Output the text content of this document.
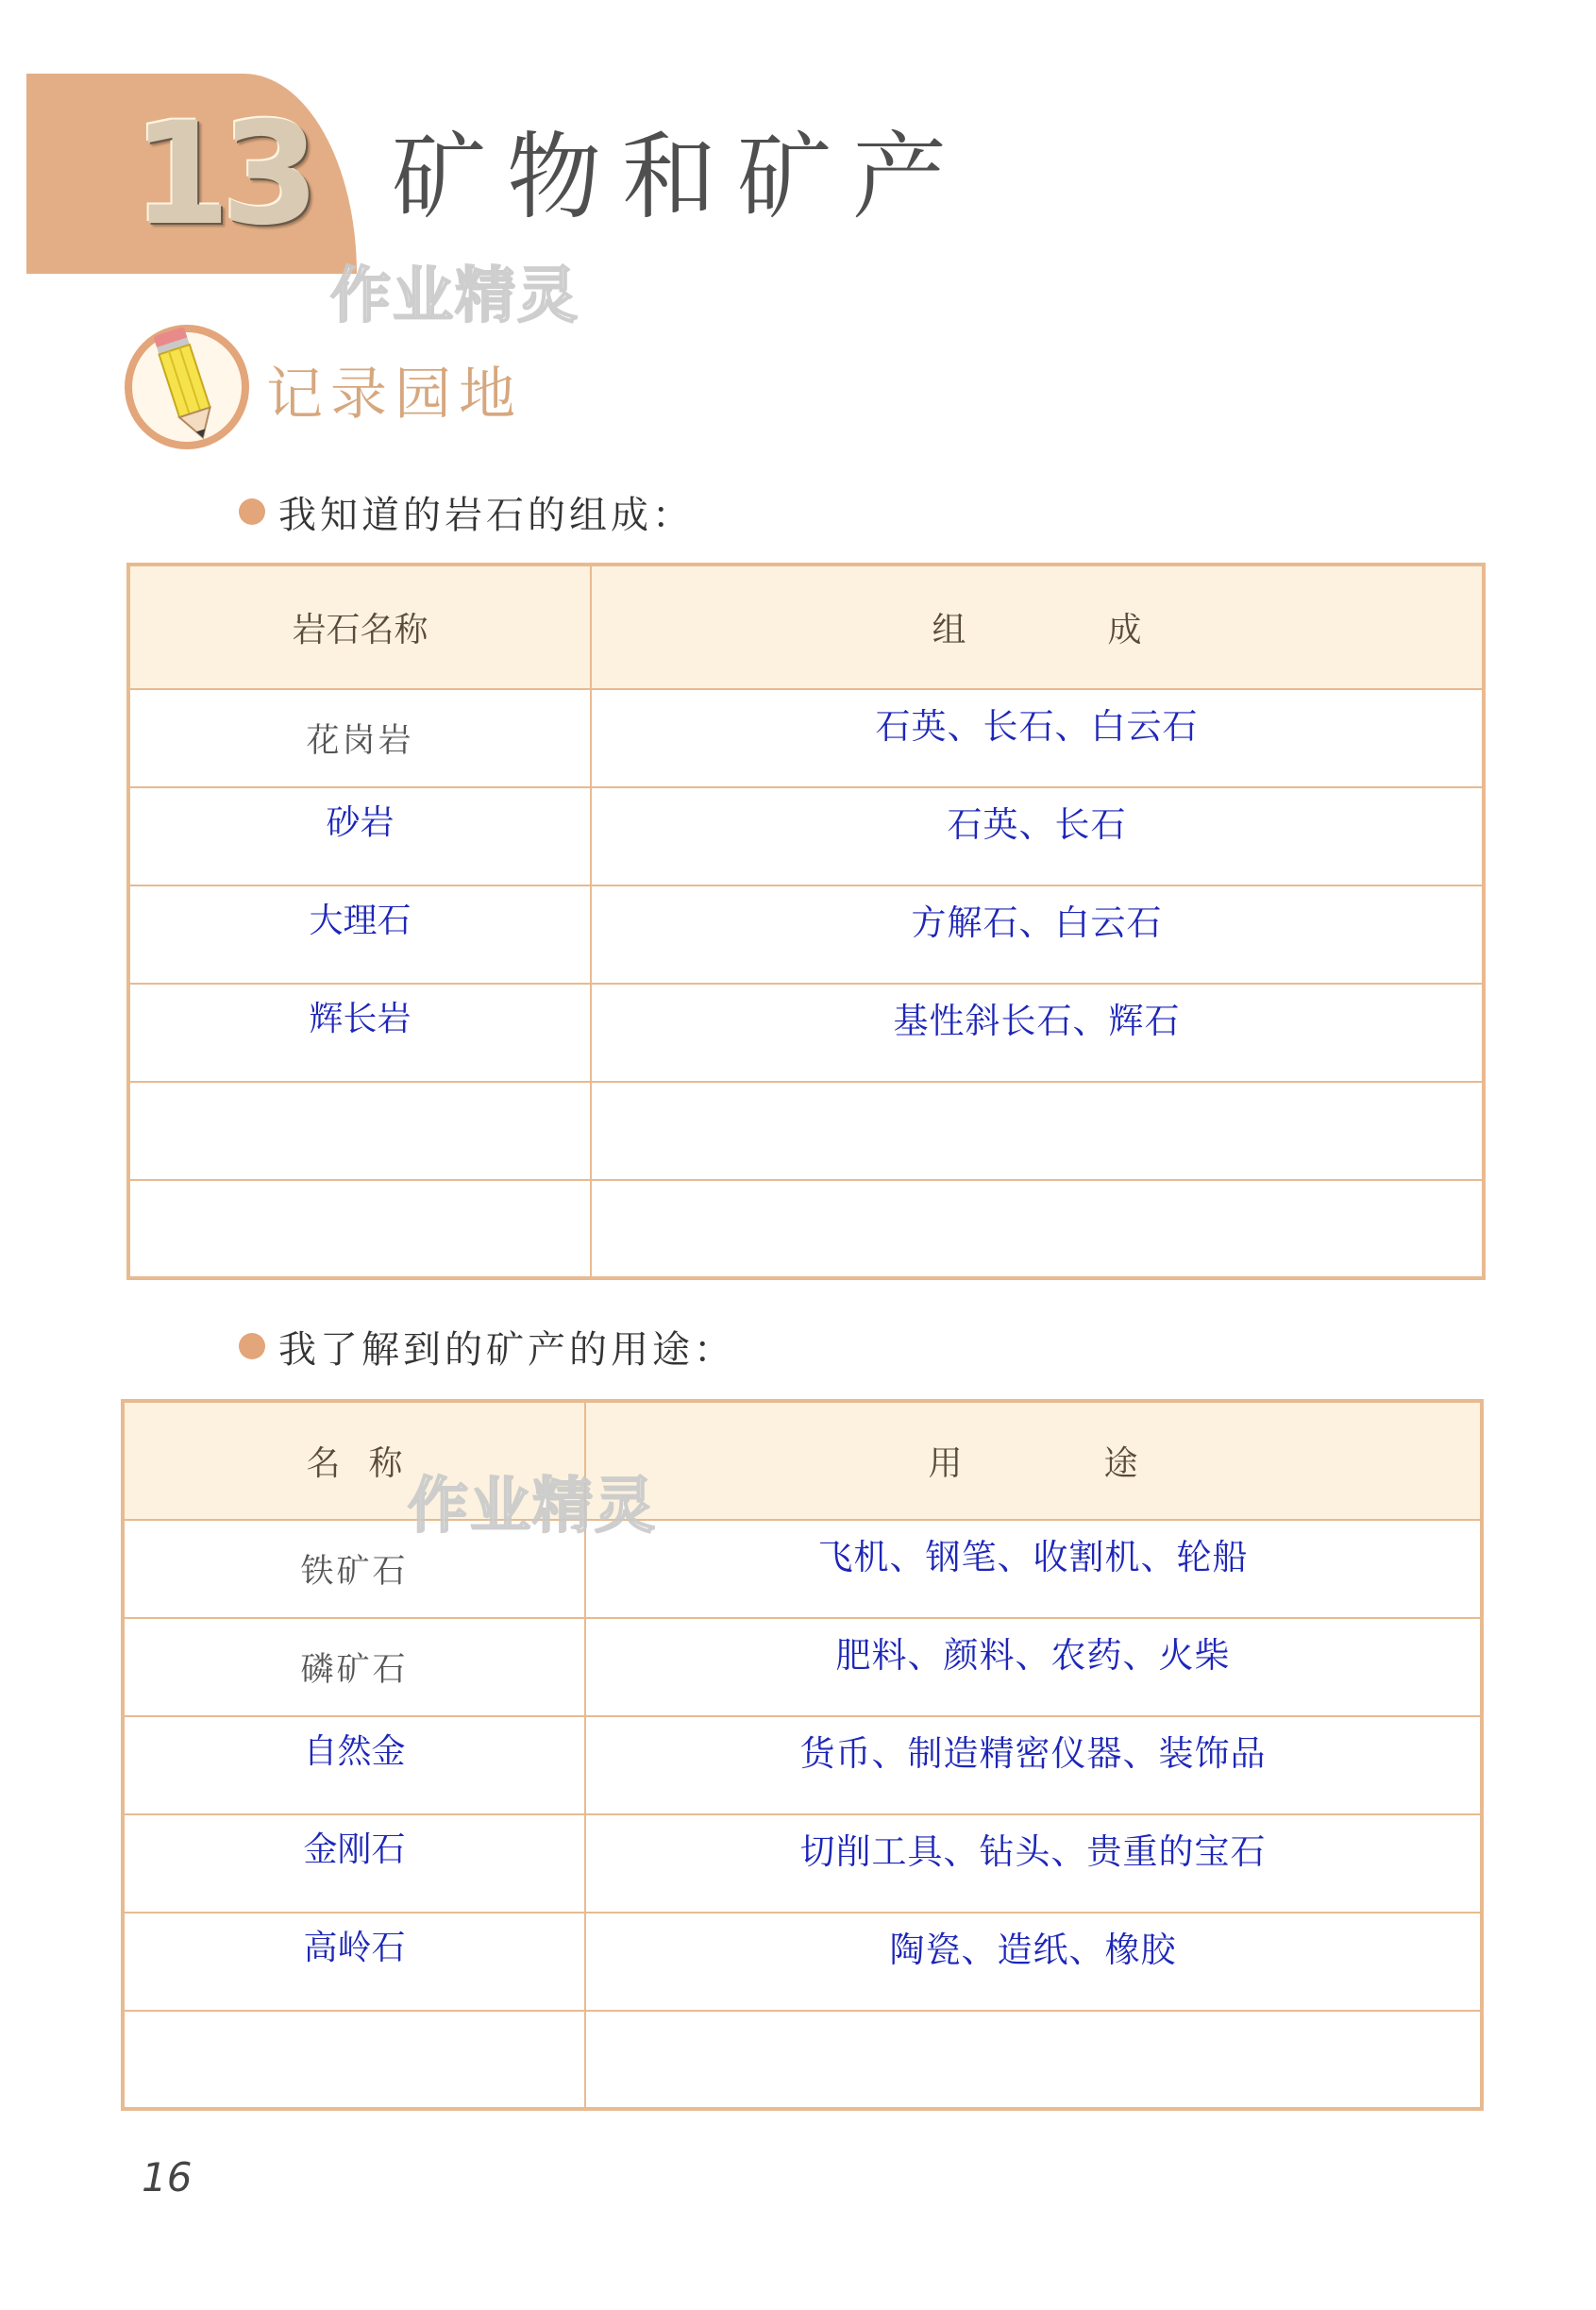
13 矿物和矿产
作业精灵
记录园地
我知道的岩石的组成：
岩石名称	组 成

花岗岩	石英、长石、白云石

砂岩	石英、长石

大理石	方解石、白云石

辉长岩	基性斜长石、辉石

我了解到的矿产的用途：
名 称	用 途

铁矿石	飞机、钢笔、收割机、轮船

磷矿石	肥料、颜料、农药、火柴

自然金	货币、制造精密仪器、装饰品

金刚石	切削工具、钻头、贵重的宝石

高岭石	陶瓷、造纸、橡胶

作业精灵
16
